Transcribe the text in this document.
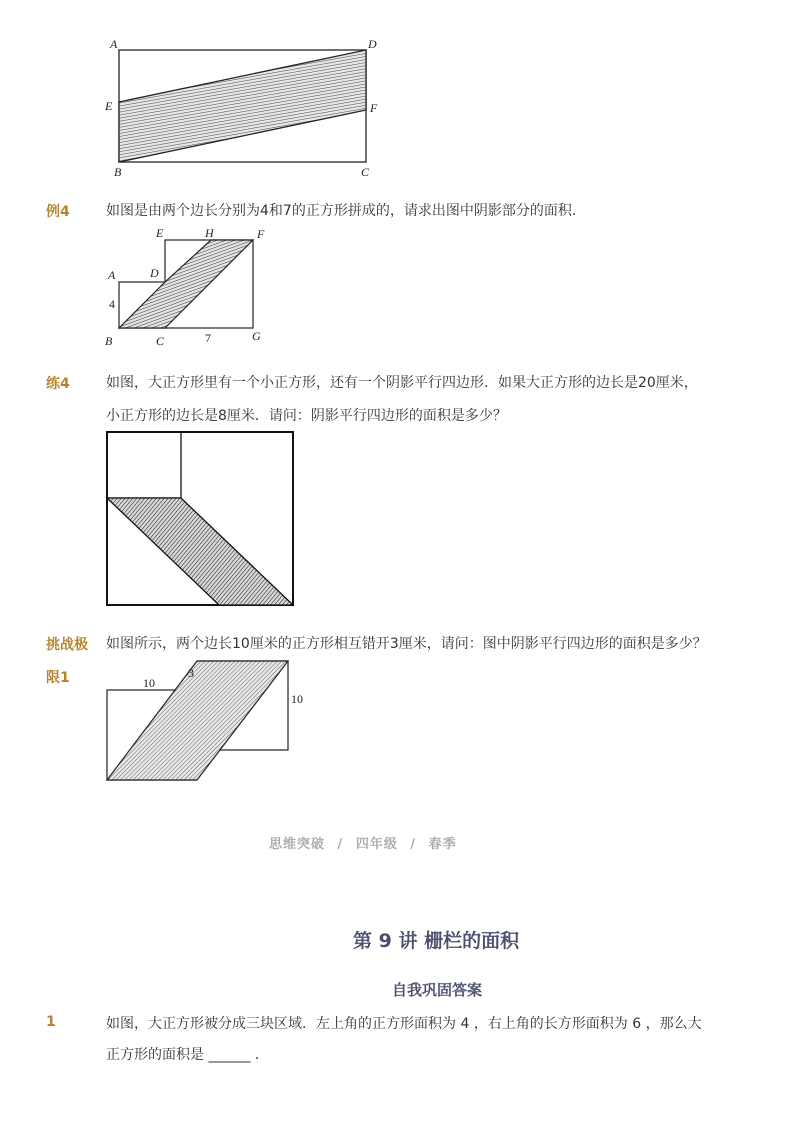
A	D
E	F
B	C
例4	如图是由两个边长分别为4和7的正方形拼成的，请求出图中阴影部分的面积．
E	H	F
A	D
4
B	C	7	G
练4	如图，大正方形里有一个小正方形，还有一个阴影平行四边形．如果大正方形的边长是20厘米，
小正方形的边长是8厘米．请问：阴影平行四边形的面积是多少？
挑战极
限1
如图所示，两个边长10厘米的正方形相互错开3厘米，请问：图中阴影平行四边形的面积是多少？
10
3
10
思维突破 / 四年级 / 春季
第 9 讲 栅栏的面积
自我巩固答案
1	如图，大正方形被分成三块区域．左上角的正方形面积为 4 ，右上角的长方形面积为 6 ，那么大
正方形的面积是 ______ ．
